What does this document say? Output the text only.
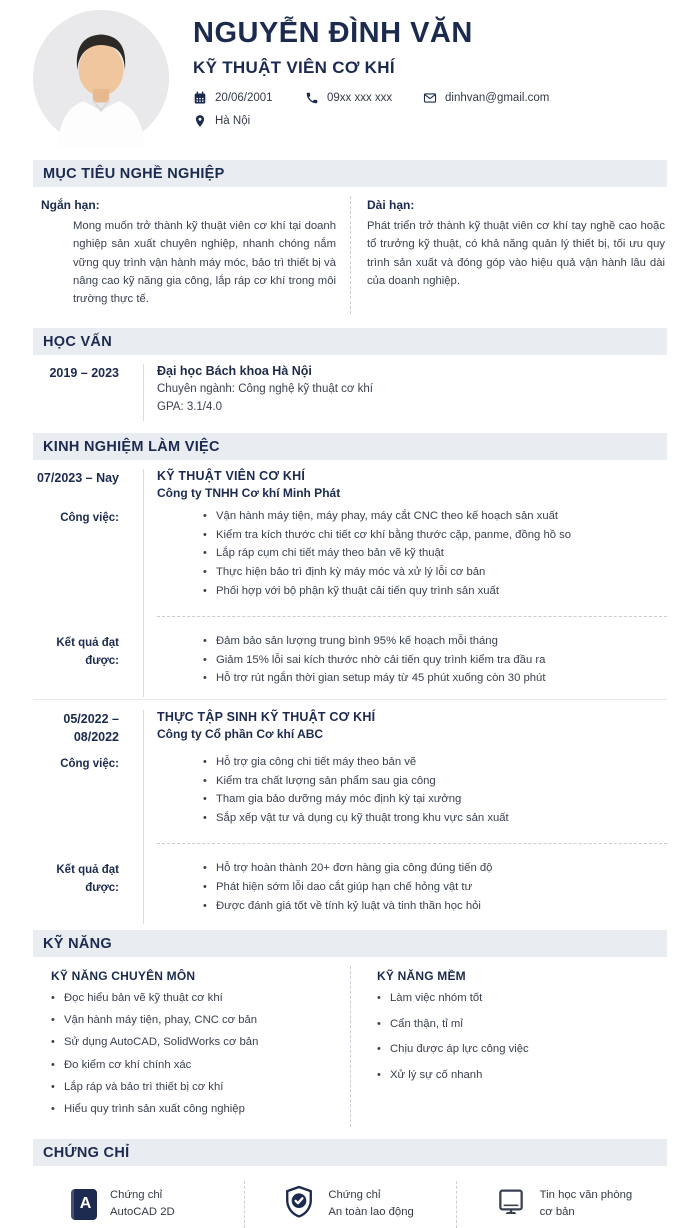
NGUYỄN ĐÌNH VĂN
KỸ THUẬT VIÊN CƠ KHÍ
20/06/2001	09xx xxx xxx	dinhvan@gmail.com
Hà Nội
MỤC TIÊU NGHỀ NGHIỆP
Ngắn hạn:
Mong muốn trở thành kỹ thuật viên cơ khí tại doanh nghiệp sản xuất chuyên nghiệp, nhanh chóng nắm vững quy trình vận hành máy móc, bảo trì thiết bị và nâng cao kỹ năng gia công, lắp ráp cơ khí trong môi trường thực tế.
Dài hạn:
Phát triển trở thành kỹ thuật viên cơ khí tay nghề cao hoặc tổ trưởng kỹ thuật, có khả năng quản lý thiết bị, tối ưu quy trình sản xuất và đóng góp vào hiệu quả vận hành lâu dài của doanh nghiệp.
HỌC VẤN
2019 – 2023	Đại học Bách khoa Hà Nội
Chuyên ngành: Công nghệ kỹ thuật cơ khí
GPA: 3.1/4.0
KINH NGHIỆM LÀM VIỆC
07/2023 – Nay	KỸ THUẬT VIÊN CƠ KHÍ
Công ty TNHH Cơ khí Minh Phát
Công việc:	• Vận hành máy tiện, máy phay, máy cắt CNC theo kế hoạch sản xuất
• Kiểm tra kích thước chi tiết cơ khí bằng thước cặp, panme, đồng hồ so
• Lắp ráp cụm chi tiết máy theo bản vẽ kỹ thuật
• Thực hiện bảo trì định kỳ máy móc và xử lý lỗi cơ bản
• Phối hợp với bộ phận kỹ thuật cải tiến quy trình sản xuất
Kết quả đạt được:
• Đảm bảo sản lượng trung bình 95% kế hoạch mỗi tháng
• Giảm 15% lỗi sai kích thước nhờ cải tiến quy trình kiểm tra đầu ra
• Hỗ trợ rút ngắn thời gian setup máy từ 45 phút xuống còn 30 phút
05/2022 – 08/2022
THỰC TẬP SINH KỸ THUẬT CƠ KHÍ
Công ty Cổ phần Cơ khí ABC
Công việc:	• Hỗ trợ gia công chi tiết máy theo bản vẽ
• Kiểm tra chất lượng sản phẩm sau gia công
• Tham gia bảo dưỡng máy móc định kỳ tại xưởng
• Sắp xếp vật tư và dụng cụ kỹ thuật trong khu vực sản xuất
Kết quả đạt được:
• Hỗ trợ hoàn thành 20+ đơn hàng gia công đúng tiến độ
• Phát hiện sớm lỗi dao cắt giúp hạn chế hỏng vật tư
• Được đánh giá tốt về tính kỷ luật và tinh thần học hỏi
KỸ NĂNG
KỸ NĂNG CHUYÊN MÔN
• Đọc hiểu bản vẽ kỹ thuật cơ khí
• Vận hành máy tiện, phay, CNC cơ bản
• Sử dụng AutoCAD, SolidWorks cơ bản
• Đo kiểm cơ khí chính xác
• Lắp ráp và bảo trì thiết bị cơ khí
• Hiểu quy trình sản xuất công nghiệp
KỸ NĂNG MỀM
• Làm việc nhóm tốt
• Cẩn thận, tỉ mỉ
• Chịu được áp lực công việc
• Xử lý sự cố nhanh
CHỨNG CHỈ
A	Chứng chỉ
AutoCAD 2D
Chứng chỉ
An toàn lao động
Tin học văn phòng
cơ bản
